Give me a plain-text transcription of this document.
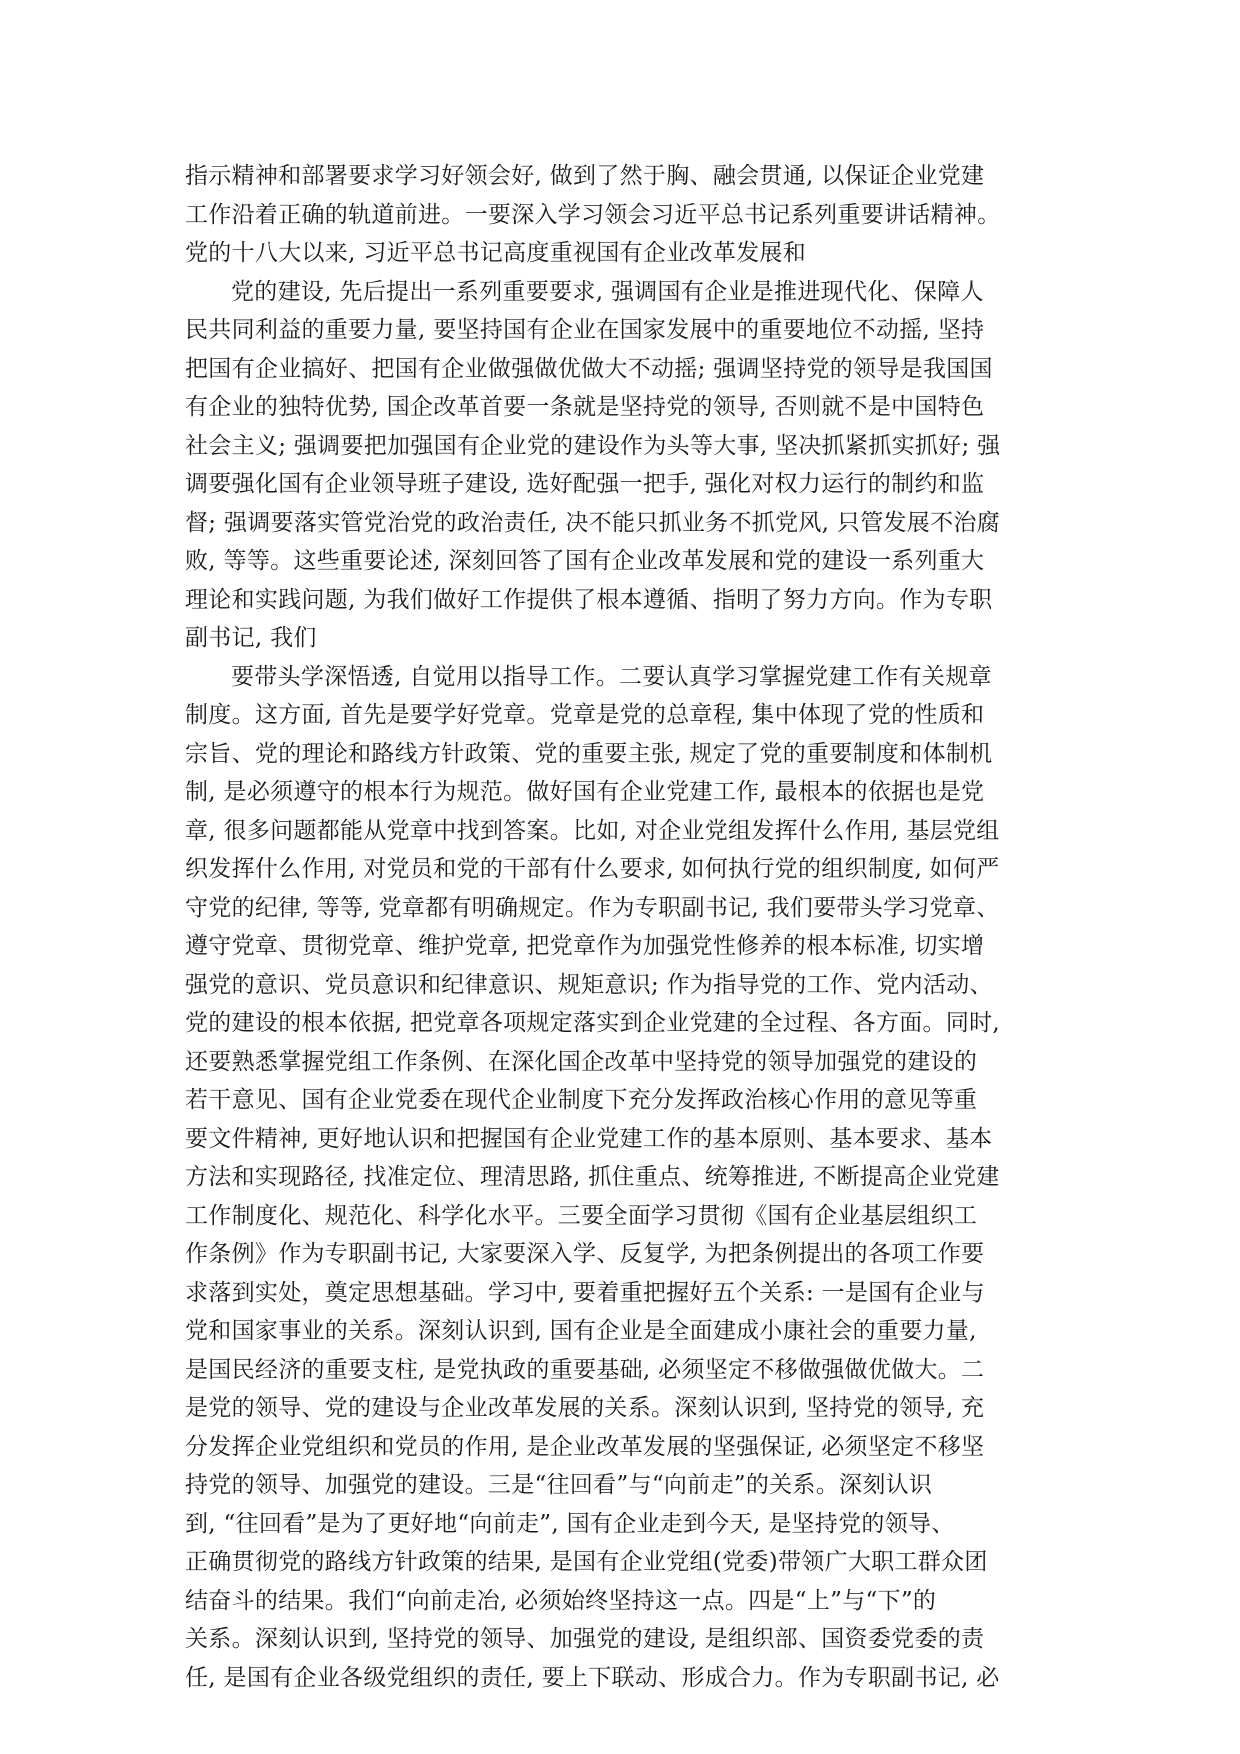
指示精神和部署要求学习好领会好, 做到了然于胸、融会贯通, 以保证企业党建
工作沿着正确的轨道前进。一要深入学习领会习近平总书记系列重要讲话精神。
党的十八大以来, 习近平总书记高度重视国有企业改革发展和
党的建设, 先后提出一系列重要要求, 强调国有企业是推进现代化、保障人
民共同利益的重要力量, 要坚持国有企业在国家发展中的重要地位不动摇, 坚持
把国有企业搞好、把国有企业做强做优做大不动摇; 强调坚持党的领导是我国国
有企业的独特优势, 国企改革首要一条就是坚持党的领导, 否则就不是中国特色
社会主义; 强调要把加强国有企业党的建设作为头等大事, 坚决抓紧抓实抓好; 强
调要强化国有企业领导班子建设, 选好配强一把手, 强化对权力运行的制约和监
督; 强调要落实管党治党的政治责任, 决不能只抓业务不抓党风, 只管发展不治腐
败, 等等。这些重要论述, 深刻回答了国有企业改革发展和党的建设一系列重大
理论和实践问题, 为我们做好工作提供了根本遵循、指明了努力方向。作为专职
副书记, 我们
要带头学深悟透, 自觉用以指导工作。二要认真学习掌握党建工作有关规章
制度。这方面, 首先是要学好党章。党章是党的总章程, 集中体现了党的性质和
宗旨、党的理论和路线方针政策、党的重要主张, 规定了党的重要制度和体制机
制, 是必须遵守的根本行为规范。做好国有企业党建工作, 最根本的依据也是党
章, 很多问题都能从党章中找到答案。比如, 对企业党组发挥什么作用, 基层党组
织发挥什么作用, 对党员和党的干部有什么要求, 如何执行党的组织制度, 如何严
守党的纪律, 等等, 党章都有明确规定。作为专职副书记, 我们要带头学习党章、
遵守党章、贯彻党章、维护党章, 把党章作为加强党性修养的根本标准, 切实增
强党的意识、党员意识和纪律意识、规矩意识; 作为指导党的工作、党内活动、
党的建设的根本依据, 把党章各项规定落实到企业党建的全过程、各方面。同时,
还要熟悉掌握党组工作条例、在深化国企改革中坚持党的领导加强党的建设的
若干意见、国有企业党委在现代企业制度下充分发挥政治核心作用的意见等重
要文件精神, 更好地认识和把握国有企业党建工作的基本原则、基本要求、基本
方法和实现路径, 找准定位、理清思路, 抓住重点、统筹推进, 不断提高企业党建
工作制度化、规范化、科学化水平。三要全面学习贯彻《国有企业基层组织工
作条例》作为专职副书记, 大家要深入学、反复学, 为把条例提出的各项工作要
求落到实处，奠定思想基础。学习中, 要着重把握好五个关系: 一是国有企业与
党和国家事业的关系。深刻认识到, 国有企业是全面建成小康社会的重要力量,
是国民经济的重要支柱, 是党执政的重要基础, 必须坚定不移做强做优做大。二
是党的领导、党的建设与企业改革发展的关系。深刻认识到, 坚持党的领导, 充
分发挥企业党组织和党员的作用, 是企业改革发展的坚强保证, 必须坚定不移坚
持党的领导、加强党的建设。三是“往回看”与“向前走”的关系。深刻认识
到, “往回看”是为了更好地“向前走”, 国有企业走到今天, 是坚持党的领导、
正确贯彻党的路线方针政策的结果, 是国有企业党组(党委)带领广大职工群众团
结奋斗的结果。我们“向前走冶, 必须始终坚持这一点。四是“上”与“下”的
关系。深刻认识到, 坚持党的领导、加强党的建设, 是组织部、国资委党委的责
任, 是国有企业各级党组织的责任, 要上下联动、形成合力。作为专职副书记, 必
